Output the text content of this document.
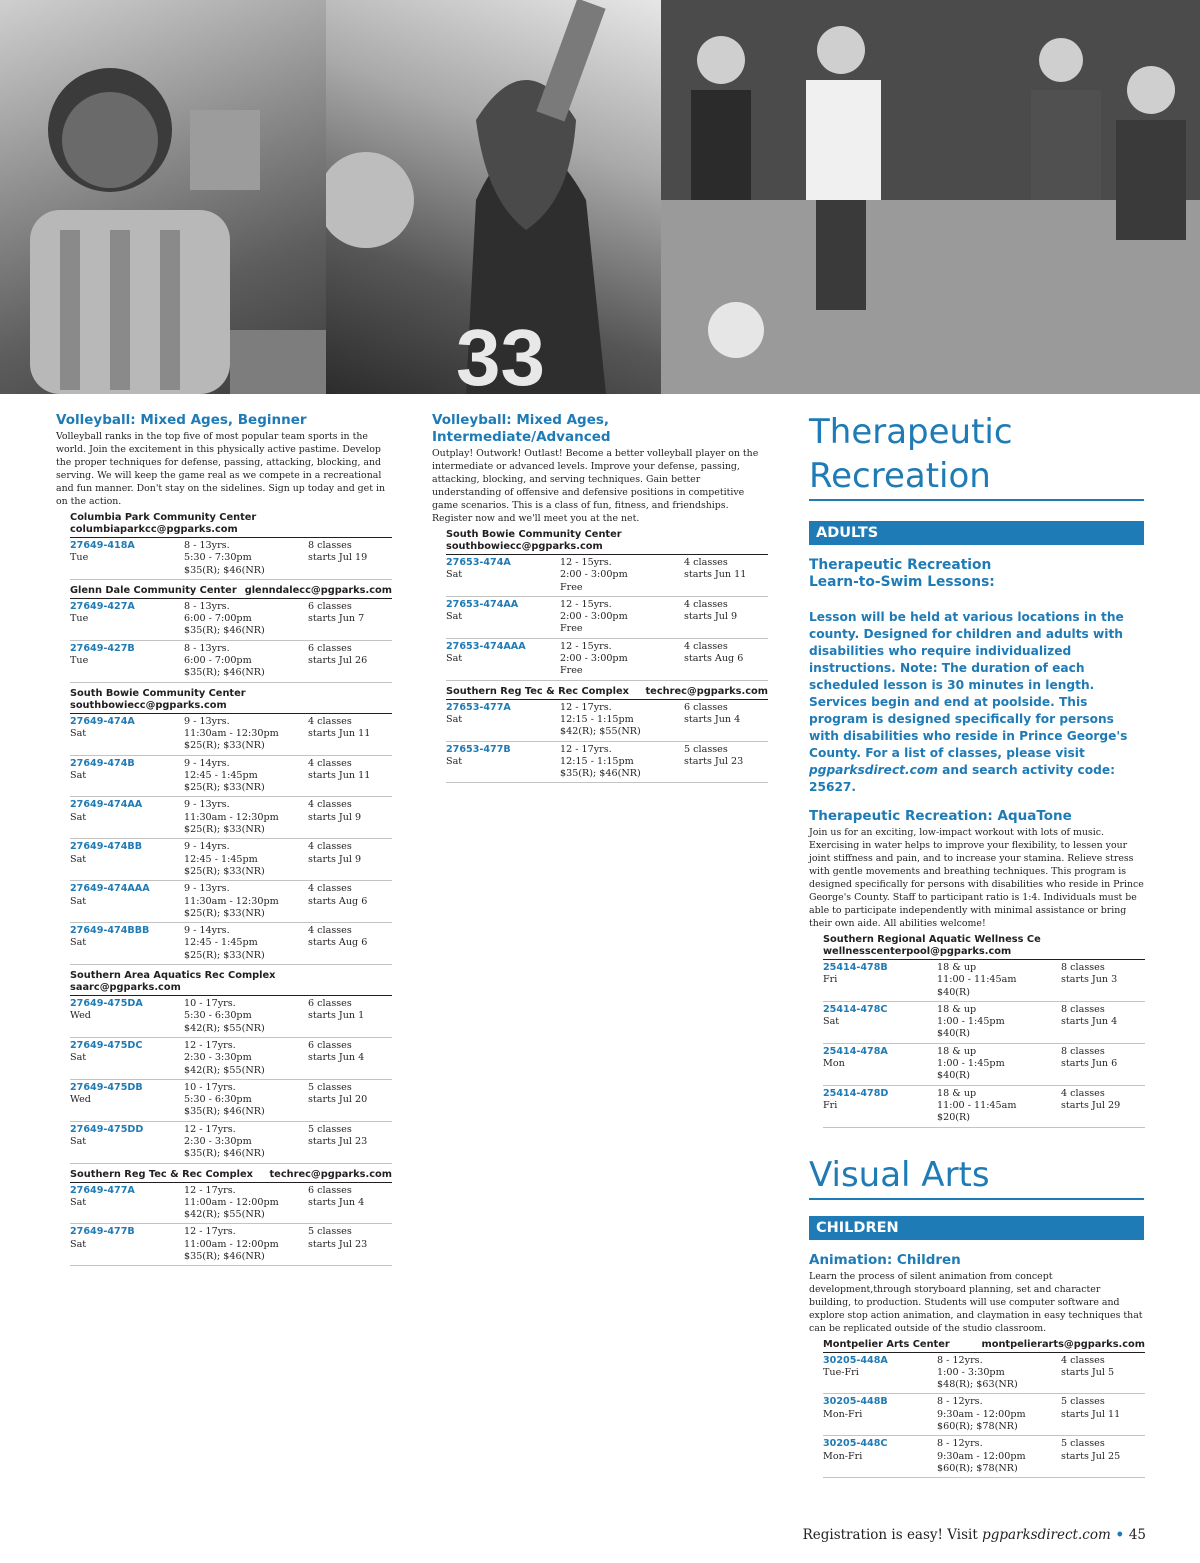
33
Volleyball: Mixed Ages, Beginner

Volleyball ranks in the top five of most popular team sports in the world. Join the excitement in this physically active pastime. Develop the proper techniques for defense, passing, attacking, blocking, and serving. We will keep the game real as we compete in a recreational and fun manner. Don't stay on the sidelines. Sign up today and get in on the action.

Columbia Park Community Center
columbiaparkcc@pgparks.com
27649-418A
Tue
8 - 13yrs.
5:30 - 7:30pm
$35(R); $46(NR)
8 classes
starts Jul 19
Glenn Dale Community Center glenndalecc@pgparks.com
27649-427A
Tue
8 - 13yrs.
6:00 - 7:00pm
$35(R); $46(NR)
6 classes
starts Jun 7
27649-427B
Tue
8 - 13yrs.
6:00 - 7:00pm
$35(R); $46(NR)
6 classes
starts Jul 26
South Bowie Community Center
southbowiecc@pgparks.com
27649-474A
Sat
9 - 13yrs.
11:30am - 12:30pm
$25(R); $33(NR)
4 classes
starts Jun 11
27649-474B
Sat
9 - 14yrs.
12:45 - 1:45pm
$25(R); $33(NR)
4 classes
starts Jun 11
27649-474AA
Sat
9 - 13yrs.
11:30am - 12:30pm
$25(R); $33(NR)
4 classes
starts Jul 9
27649-474BB
Sat
9 - 14yrs.
12:45 - 1:45pm
$25(R); $33(NR)
4 classes
starts Jul 9
27649-474AAA
Sat
9 - 13yrs.
11:30am - 12:30pm
$25(R); $33(NR)
4 classes
starts Aug 6
27649-474BBB
Sat
9 - 14yrs.
12:45 - 1:45pm
$25(R); $33(NR)
4 classes
starts Aug 6
Southern Area Aquatics Rec Complex
saarc@pgparks.com
27649-475DA
Wed
10 - 17yrs.
5:30 - 6:30pm
$42(R); $55(NR)
6 classes
starts Jun 1
27649-475DC
Sat
12 - 17yrs.
2:30 - 3:30pm
$42(R); $55(NR)
6 classes
starts Jun 4
27649-475DB
Wed
10 - 17yrs.
5:30 - 6:30pm
$35(R); $46(NR)
5 classes
starts Jul 20
27649-475DD
Sat
12 - 17yrs.
2:30 - 3:30pm
$35(R); $46(NR)
5 classes
starts Jul 23
Southern Reg Tec & Rec Complex techrec@pgparks.com
27649-477A
Sat
12 - 17yrs.
11:00am - 12:00pm
$42(R); $55(NR)
6 classes
starts Jun 4
27649-477B
Sat
12 - 17yrs.
11:00am - 12:00pm
$35(R); $46(NR)
5 classes
starts Jul 23
Volleyball: Mixed Ages,
Intermediate/Advanced

Outplay! Outwork! Outlast! Become a better volleyball player on the intermediate or advanced levels. Improve your defense, passing, attacking, blocking, and serving techniques. Gain better understanding of offensive and defensive positions in competitive game scenarios. This is a class of fun, fitness, and friendships. Register now and we'll meet you at the net.

South Bowie Community Center
southbowiecc@pgparks.com
27653-474A
Sat
12 - 15yrs.
2:00 - 3:00pm
Free
4 classes
starts Jun 11
27653-474AA
Sat
12 - 15yrs.
2:00 - 3:00pm
Free
4 classes
starts Jul 9
27653-474AAA
Sat
12 - 15yrs.
2:00 - 3:00pm
Free
4 classes
starts Aug 6
Southern Reg Tec & Rec Complex techrec@pgparks.com
27653-477A
Sat
12 - 17yrs.
12:15 - 1:15pm
$42(R); $55(NR)
6 classes
starts Jun 4
27653-477B
Sat
12 - 17yrs.
12:15 - 1:15pm
$35(R); $46(NR)
5 classes
starts Jul 23
Therapeutic
Recreation
ADULTS
Therapeutic Recreation
Learn-to-Swim Lessons:

Lesson will be held at various locations in the county. Designed for children and adults with disabilities who require individualized instructions. Note: The duration of each scheduled lesson is 30 minutes in length. Services begin and end at poolside. This program is designed specifically for persons with disabilities who reside in Prince George's County. For a list of classes, please visit pgparksdirect.com and search activity code: 25627.

Therapeutic Recreation: AquaTone

Join us for an exciting, low-impact workout with lots of music. Exercising in water helps to improve your flexibility, to lessen your joint stiffness and pain, and to increase your stamina. Relieve stress with gentle movements and breathing techniques. This program is designed specifically for persons with disabilities who reside in Prince George's County. Staff to participant ratio is 1:4. Individuals must be able to participate independently with minimal assistance or bring their own aide. All abilities welcome!

Southern Regional Aquatic Wellness Ce
wellnesscenterpool@pgparks.com
25414-478B
Fri
18 & up
11:00 - 11:45am
$40(R)
8 classes
starts Jun 3
25414-478C
Sat
18 & up
1:00 - 1:45pm
$40(R)
8 classes
starts Jun 4
25414-478A
Mon
18 & up
1:00 - 1:45pm
$40(R)
8 classes
starts Jun 6
25414-478D
Fri
18 & up
11:00 - 11:45am
$20(R)
4 classes
starts Jul 29
Visual Arts
CHILDREN
Animation: Children

Learn the process of silent animation from concept development,through storyboard planning, set and character building, to production. Students will use computer software and explore stop action animation, and claymation in easy techniques that can be replicated outside of the studio classroom.

Montpelier Arts Center	montpelierarts@pgparks.com
30205-448A
Tue-Fri
8 - 12yrs.
1:00 - 3:30pm
$48(R); $63(NR)
4 classes
starts Jul 5
30205-448B
Mon-Fri
8 - 12yrs.
9:30am - 12:00pm
$60(R); $78(NR)
5 classes
starts Jul 11
30205-448C
Mon-Fri
8 - 12yrs.
9:30am - 12:00pm
$60(R); $78(NR)
5 classes
starts Jul 25
Registration is easy! Visit pgparksdirect.com • 45
